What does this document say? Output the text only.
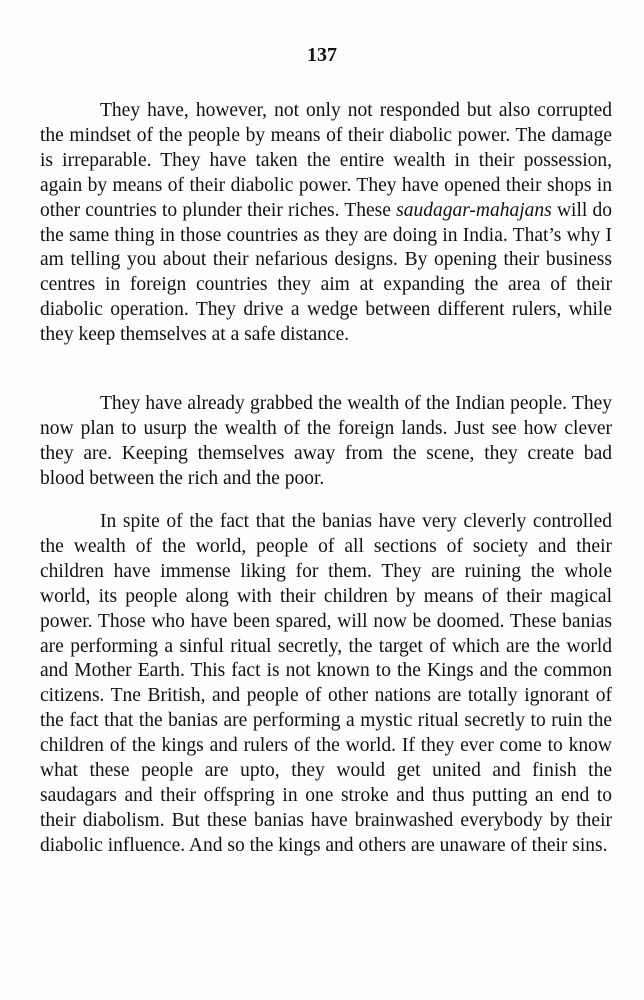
137

They have, however, not only not responded but also corrupted the mindset of the people by means of their diabolic power. The damage is irreparable. They have taken the entire wealth in their possession, again by means of their diabolic power. They have opened their shops in other countries to plunder their riches. These saudagar-mahajans will do the same thing in those countries as they are doing in India. That’s why I am telling you about their nefarious designs. By opening their business centres in foreign countries they aim at expanding the area of their diabolic operation. They drive a wedge between different rulers, while they keep themselves at a safe distance.

They have already grabbed the wealth of the Indian people. They now plan to usurp the wealth of the foreign lands. Just see how clever they are. Keeping themselves away from the scene, they create bad blood between the rich and the poor.

In spite of the fact that the banias have very cleverly controlled the wealth of the world, people of all sections of society and their children have immense liking for them. They are ruining the whole world, its people along with their children by means of their magical power. Those who have been spared, will now be doomed. These banias are performing a sinful ritual secretly, the target of which are the world and Mother Earth. This fact is not known to the Kings and the common citizens. Tne British, and people of other nations are totally ignorant of the fact that the banias are performing a mystic ritual secretly to ruin the children of the kings and rulers of the world. If they ever come to know what these people are upto, they would get united and finish the saudagars and their offspring in one stroke and thus putting an end to their diabolism. But these banias have brainwashed everybody by their diabolic influence. And so the kings and others are unaware of their sins.
